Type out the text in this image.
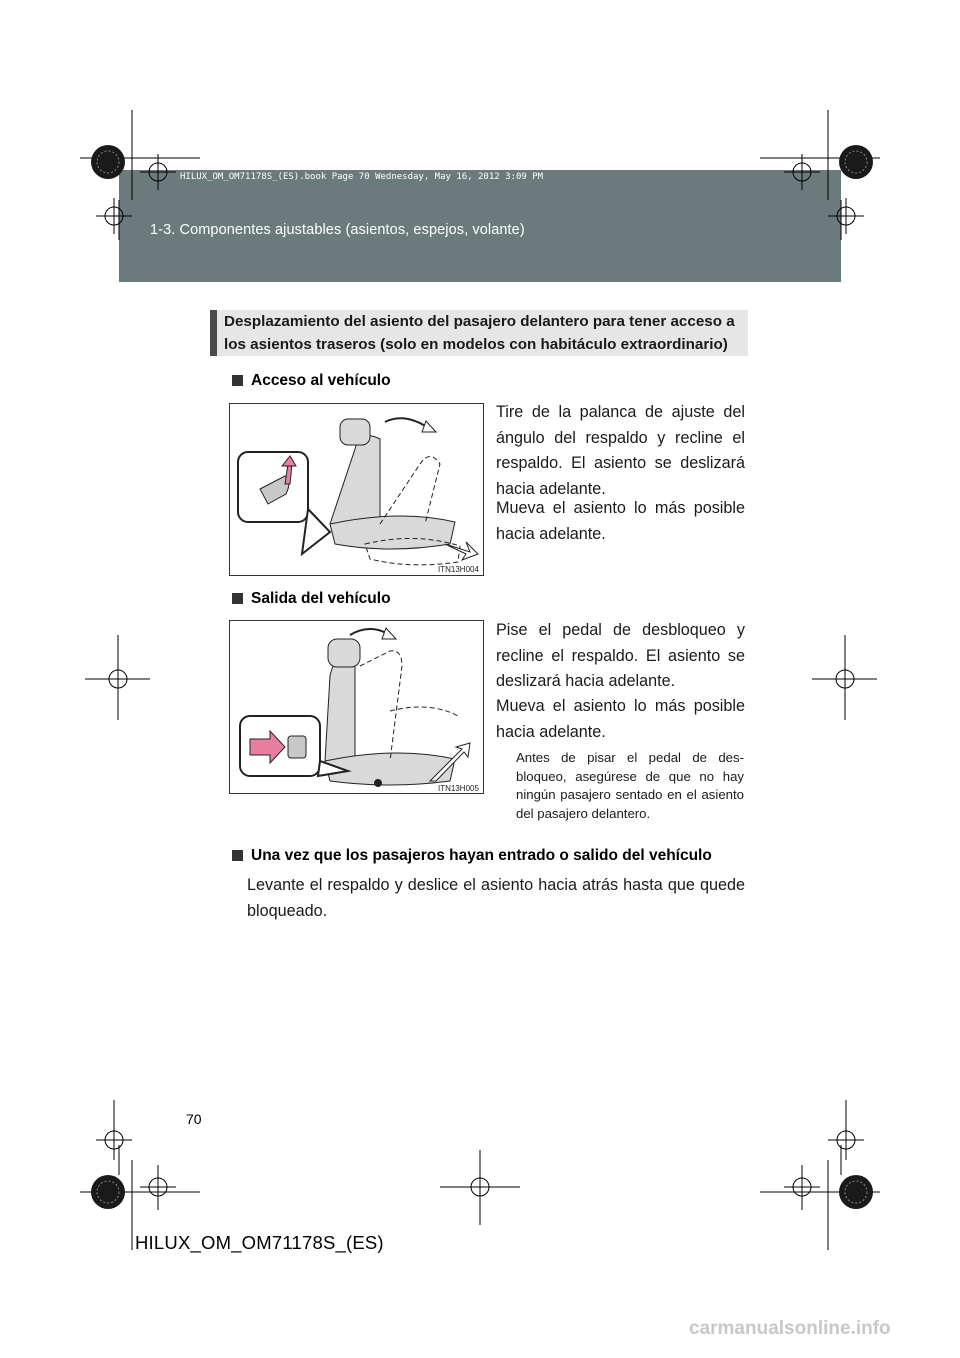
HILUX_OM_OM71178S_(ES).book Page 70 Wednesday, May 16, 2012 3:09 PM
1-3. Componentes ajustables (asientos, espejos, volante)
Desplazamiento del asiento del pasajero delantero para tener acceso a los asientos traseros (solo en modelos con habitáculo extraordinario)
Acceso al vehículo
ITN13H004
Tire de la palanca de ajuste del ángulo del respaldo y recline el respaldo. El asiento se deslizará hacia adelante.
Mueva el asiento lo más posible hacia adelante.
Salida del vehículo
ITN13H005
Pise el pedal de desbloqueo y recline el respaldo. El asiento se deslizará hacia adelante.
Mueva el asiento lo más posible hacia adelante.
Antes de pisar el pedal de des-bloqueo, asegúrese de que no hay ningún pasajero sentado en el asiento del pasajero delantero.
Una vez que los pasajeros hayan entrado o salido del vehículo
Levante el respaldo y deslice el asiento hacia atrás hasta que quede bloqueado.
70
HILUX_OM_OM71178S_(ES)
carmanualsonline.info
